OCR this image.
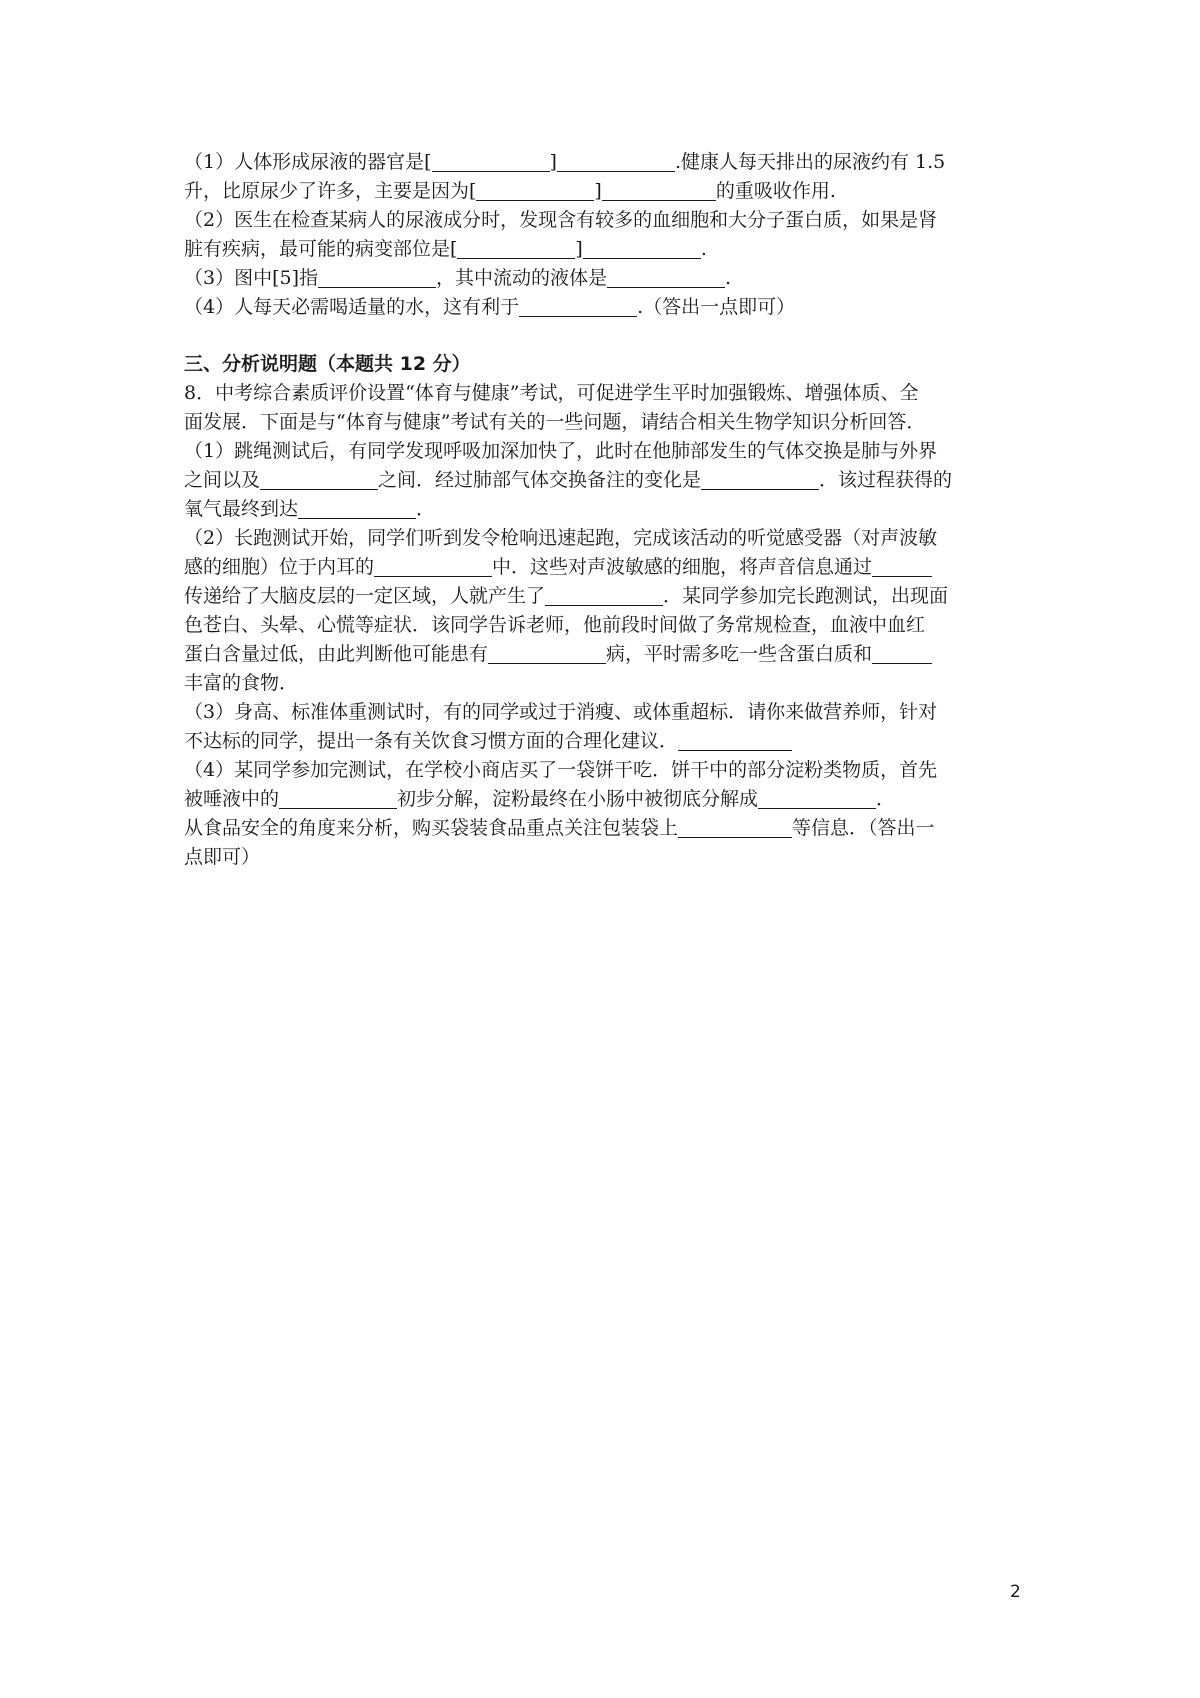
（1）人体形成尿液的器官是[	]	.健康人每天排出的尿液约有 1.5
升，比原尿少了许多，主要是因为[	]	的重吸收作用.
（2）医生在检查某病人的尿液成分时，发现含有较多的血细胞和大分子蛋白质，如果是肾
脏有疾病，最可能的病变部位是[	]	.
（3）图中[5]指	，其中流动的液体是	.
（4）人每天必需喝适量的水，这有利于	.（答出一点即可）
三、分析说明题（本题共 12 分）
8．中考综合素质评价设置“体育与健康”考试，可促进学生平时加强锻炼、增强体质、全
面发展．下面是与“体育与健康”考试有关的一些问题，请结合相关生物学知识分析回答．
（1）跳绳测试后，有同学发现呼吸加深加快了，此时在他肺部发生的气体交换是肺与外界
之间以及	之间．经过肺部气体交换备注的变化是	．该过程获得的
氧气最终到达	．
（2）长跑测试开始，同学们听到发令枪响迅速起跑，完成该活动的听觉感受器（对声波敏
感的细胞）位于内耳的	中．这些对声波敏感的细胞，将声音信息通过
传递给了大脑皮层的一定区域，人就产生了	．某同学参加完长跑测试，出现面
色苍白、头晕、心慌等症状．该同学告诉老师，他前段时间做了务常规检查，血液中血红
蛋白含量过低，由此判断他可能患有	病，平时需多吃一些含蛋白质和
丰富的食物．
（3）身高、标准体重测试时，有的同学或过于消瘦、或体重超标．请你来做营养师，针对
不达标的同学，提出一条有关饮食习惯方面的合理化建议．
（4）某同学参加完测试，在学校小商店买了一袋饼干吃．饼干中的部分淀粉类物质，首先
被唾液中的	初步分解，淀粉最终在小肠中被彻底分解成	．
从食品安全的角度来分析，购买袋装食品重点关注包装袋上	等信息．（答出一
点即可）
2
